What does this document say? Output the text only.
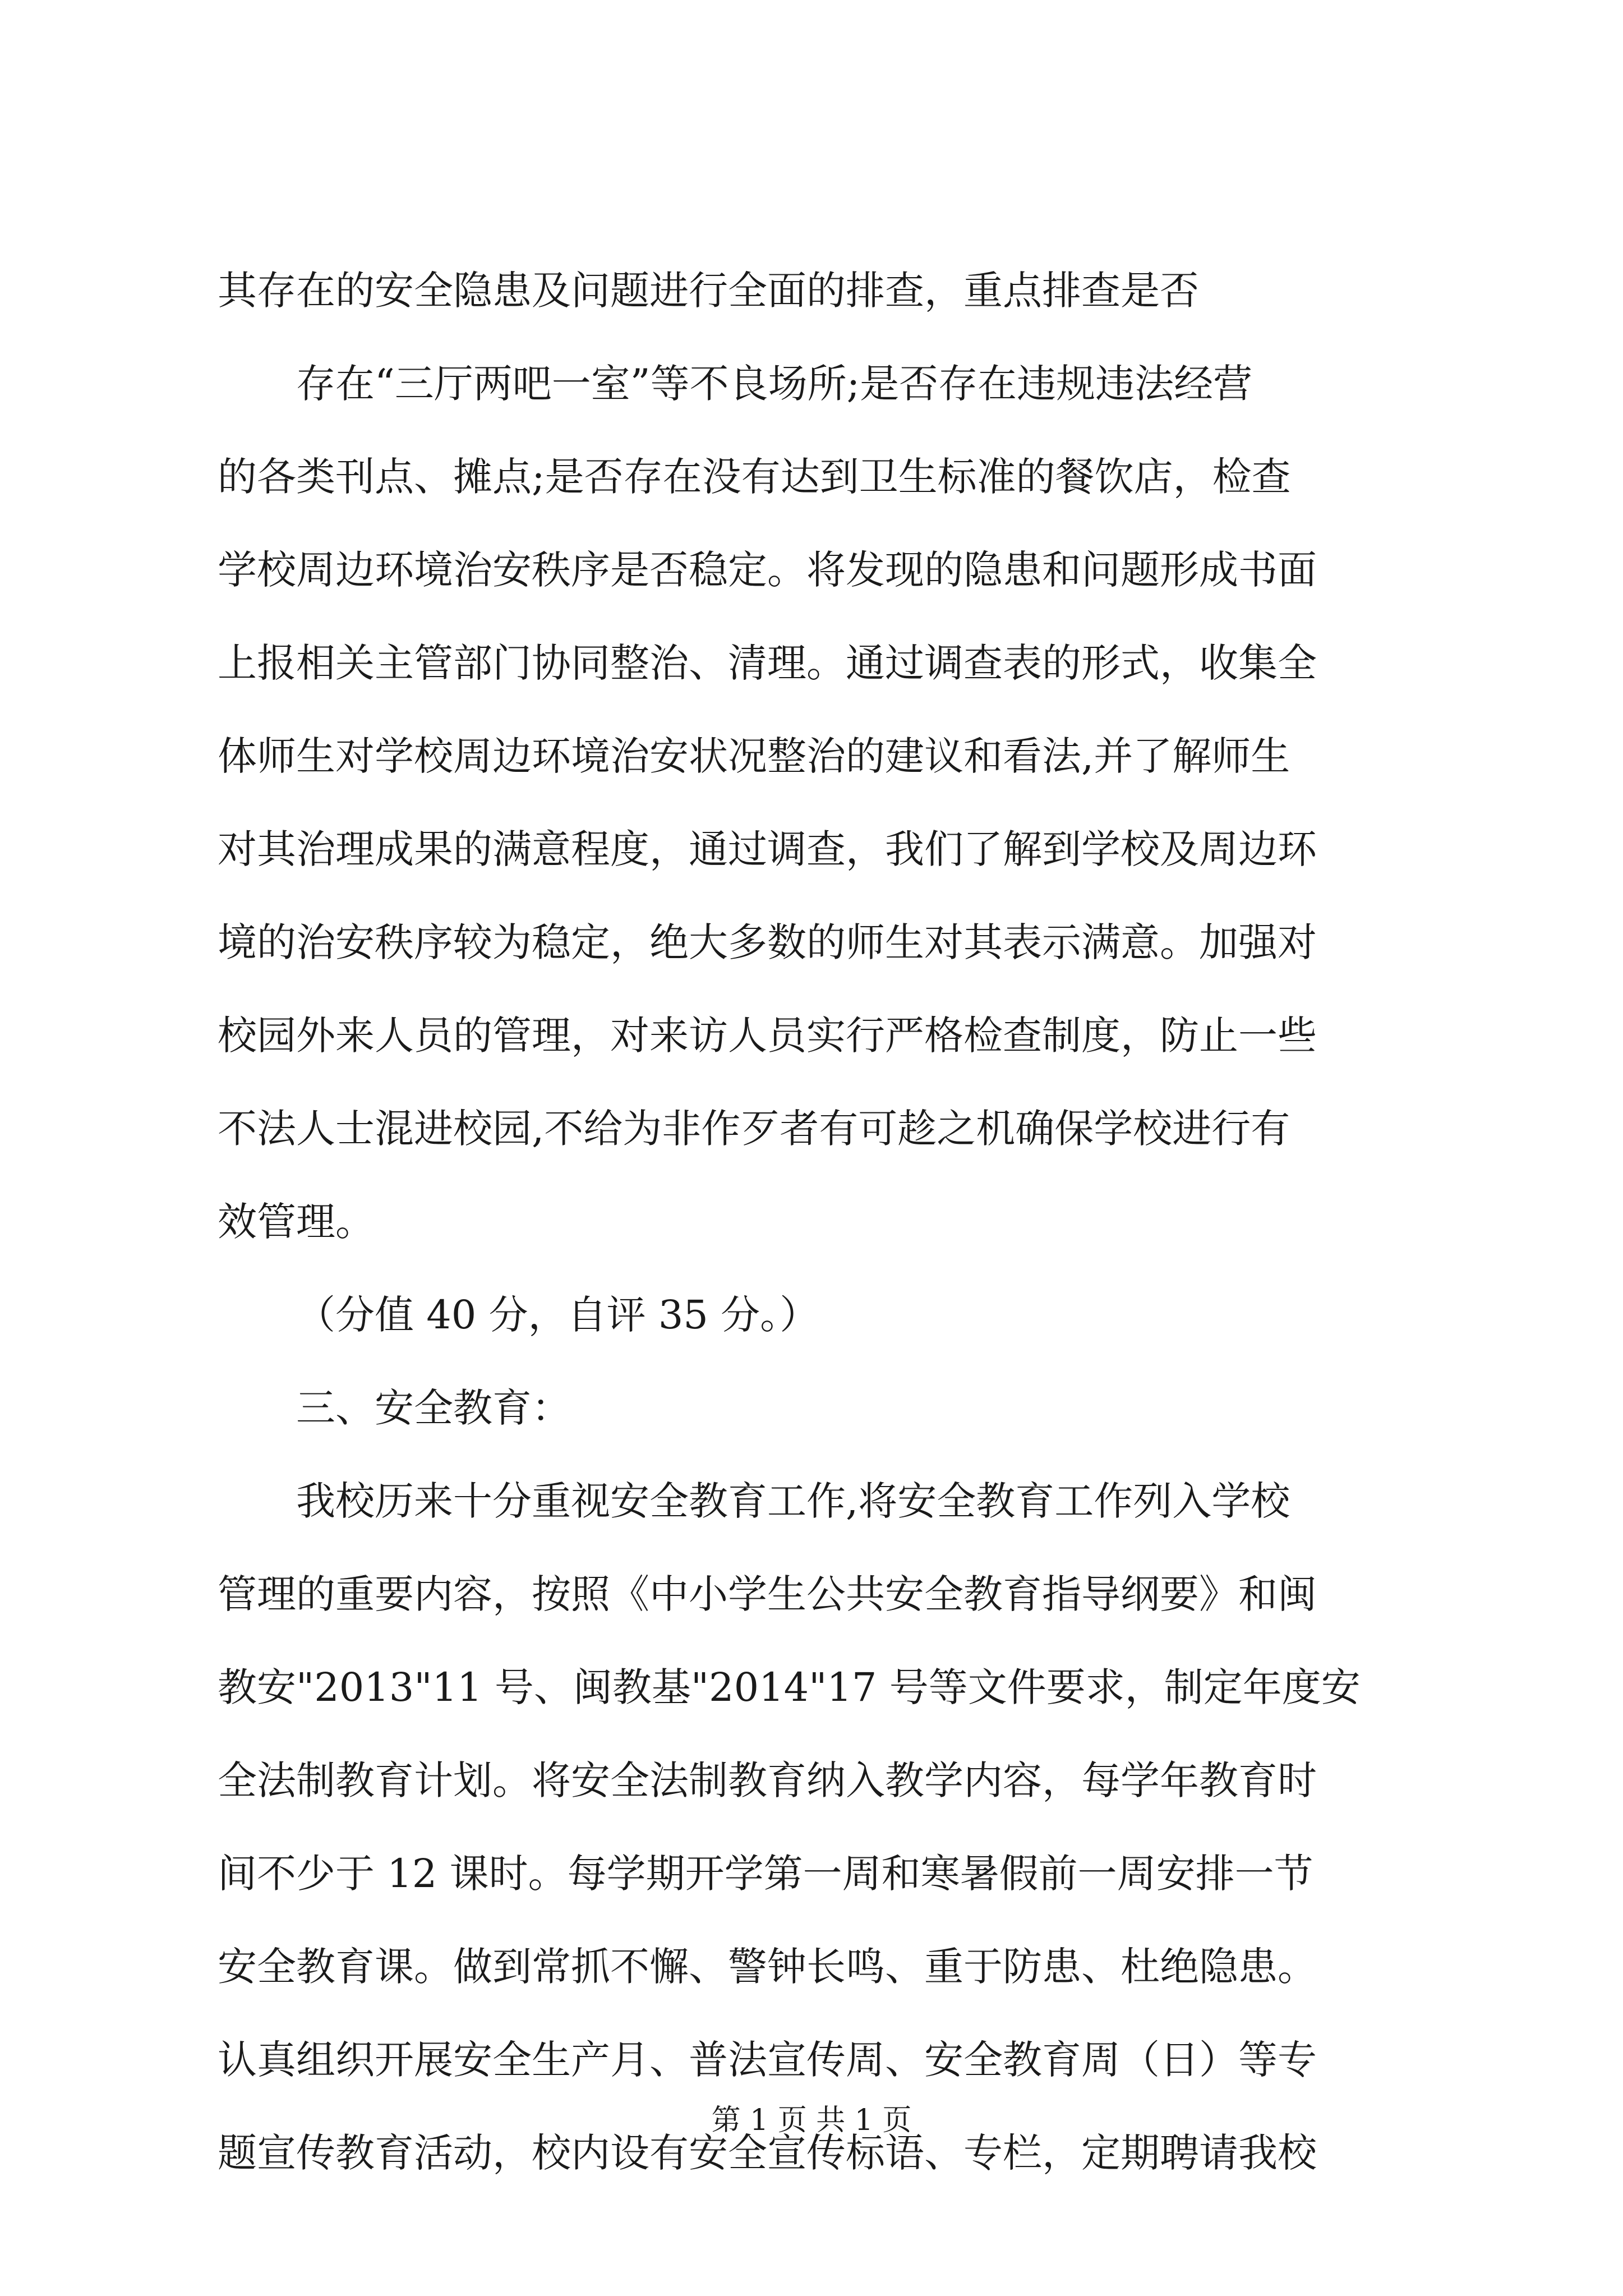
其存在的安全隐患及问题进行全面的排查，重点排查是否
存在“三厅两吧一室”等不良场所;是否存在违规违法经营
的各类刊点、摊点;是否存在没有达到卫生标准的餐饮店，检查
学校周边环境治安秩序是否稳定。将发现的隐患和问题形成书面
上报相关主管部门协同整治、清理。通过调查表的形式，收集全
体师生对学校周边环境治安状况整治的建议和看法,并了解师生
对其治理成果的满意程度，通过调查，我们了解到学校及周边环
境的治安秩序较为稳定，绝大多数的师生对其表示满意。加强对
校园外来人员的管理，对来访人员实行严格检查制度，防止一些
不法人士混进校园,不给为非作歹者有可趁之机确保学校进行有
效管理。
（分值 40 分，自评 35 分。）
三、安全教育：
我校历来十分重视安全教育工作,将安全教育工作列入学校
管理的重要内容，按照《中小学生公共安全教育指导纲要》和闽
教安"2013"11 号、闽教基"2014"17 号等文件要求，制定年度安
全法制教育计划。将安全法制教育纳入教学内容，每学年教育时
间不少于 12 课时。每学期开学第一周和寒暑假前一周安排一节
安全教育课。做到常抓不懈、警钟长鸣、重于防患、杜绝隐患。
认真组织开展安全生产月、普法宣传周、安全教育周（日）等专
题宣传教育活动，校内设有安全宣传标语、专栏，定期聘请我校
第 1 页 共 1 页
